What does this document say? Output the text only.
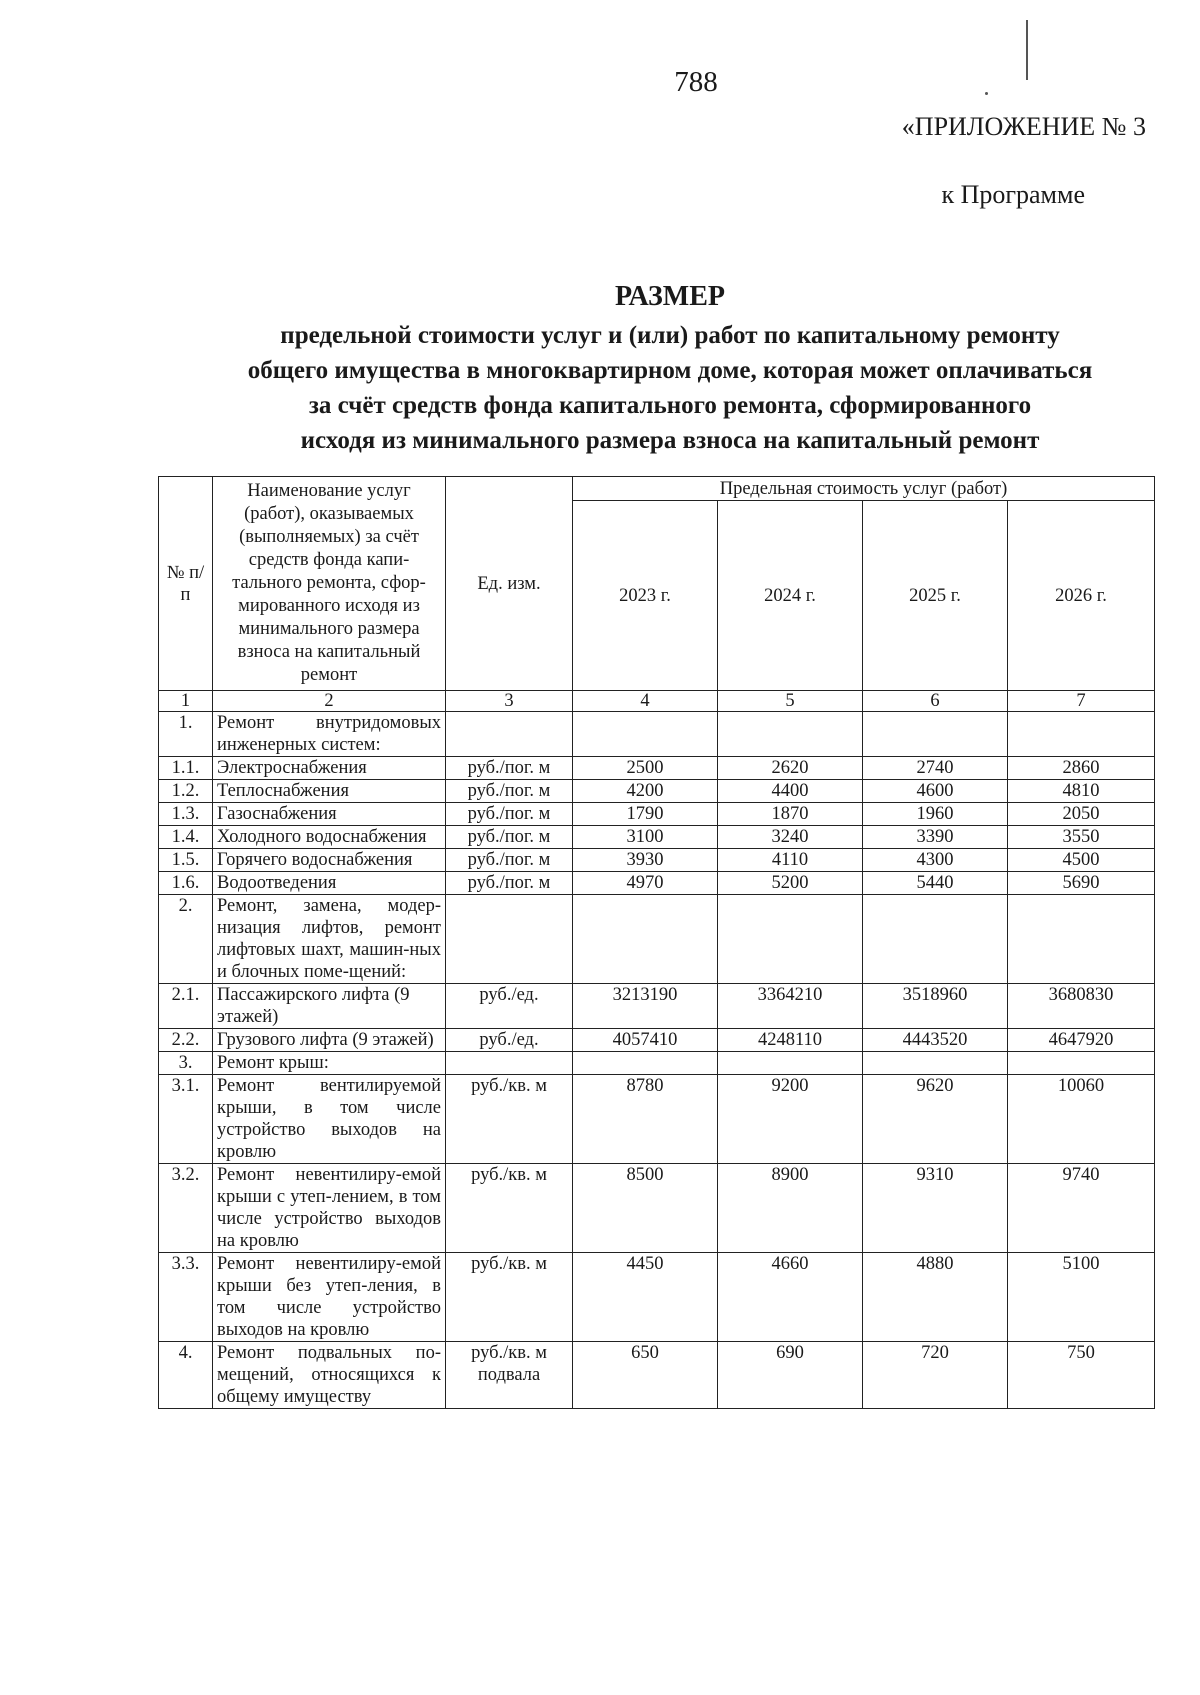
788
«ПРИЛОЖЕНИЕ № 3
к Программе
РАЗМЕР
предельной стоимости услуг и (или) работ по капитальному ремонту
общего имущества в многоквартирном доме, которая может оплачиваться
за счёт средств фонда капитального ремонта, сформированного
исходя из минимального размера взноса на капитальный ремонт
№ п/п	Наименование услуг (работ), оказываемых (выполняемых) за счёт средств фонда капи-тального ремонта, сфор-мированного исходя из минимального размера взноса на капитальный ремонт	Ед. изм.	Предельная стоимость услуг (работ)			
			2023 г.	2024 г.	2025 г.	2026 г.
1	2	3	4	5	6	7
1.	Ремонт внутридомовых инженерных систем:					
1.1.	Электроснабжения	руб./пог. м	2500	2620	2740	2860
1.2.	Теплоснабжения	руб./пог. м	4200	4400	4600	4810
1.3.	Газоснабжения	руб./пог. м	1790	1870	1960	2050
1.4.	Холодного водоснабжения	руб./пог. м	3100	3240	3390	3550
1.5.	Горячего водоснабжения	руб./пог. м	3930	4110	4300	4500
1.6.	Водоотведения	руб./пог. м	4970	5200	5440	5690
2.	Ремонт, замена, модер-низация лифтов, ремонт лифтовых шахт, машин-ных и блочных поме-щений:					
2.1.	Пассажирского лифта (9 этажей)	руб./ед.	3213190	3364210	3518960	3680830
2.2.	Грузового лифта (9 этажей)	руб./ед.	4057410	4248110	4443520	4647920
3.	Ремонт крыш:					
3.1.	Ремонт вентилируемой крыши, в том числе устройство выходов на кровлю	руб./кв. м	8780	9200	9620	10060
3.2.	Ремонт невентилиру-емой крыши с утеп-лением, в том числе устройство выходов на кровлю	руб./кв. м	8500	8900	9310	9740
3.3.	Ремонт невентилиру-емой крыши без утеп-ления, в том числе устройство выходов на кровлю	руб./кв. м	4450	4660	4880	5100
4.	Ремонт подвальных по-мещений, относящихся к общему имуществу	руб./кв. м подвала	650	690	720	750
